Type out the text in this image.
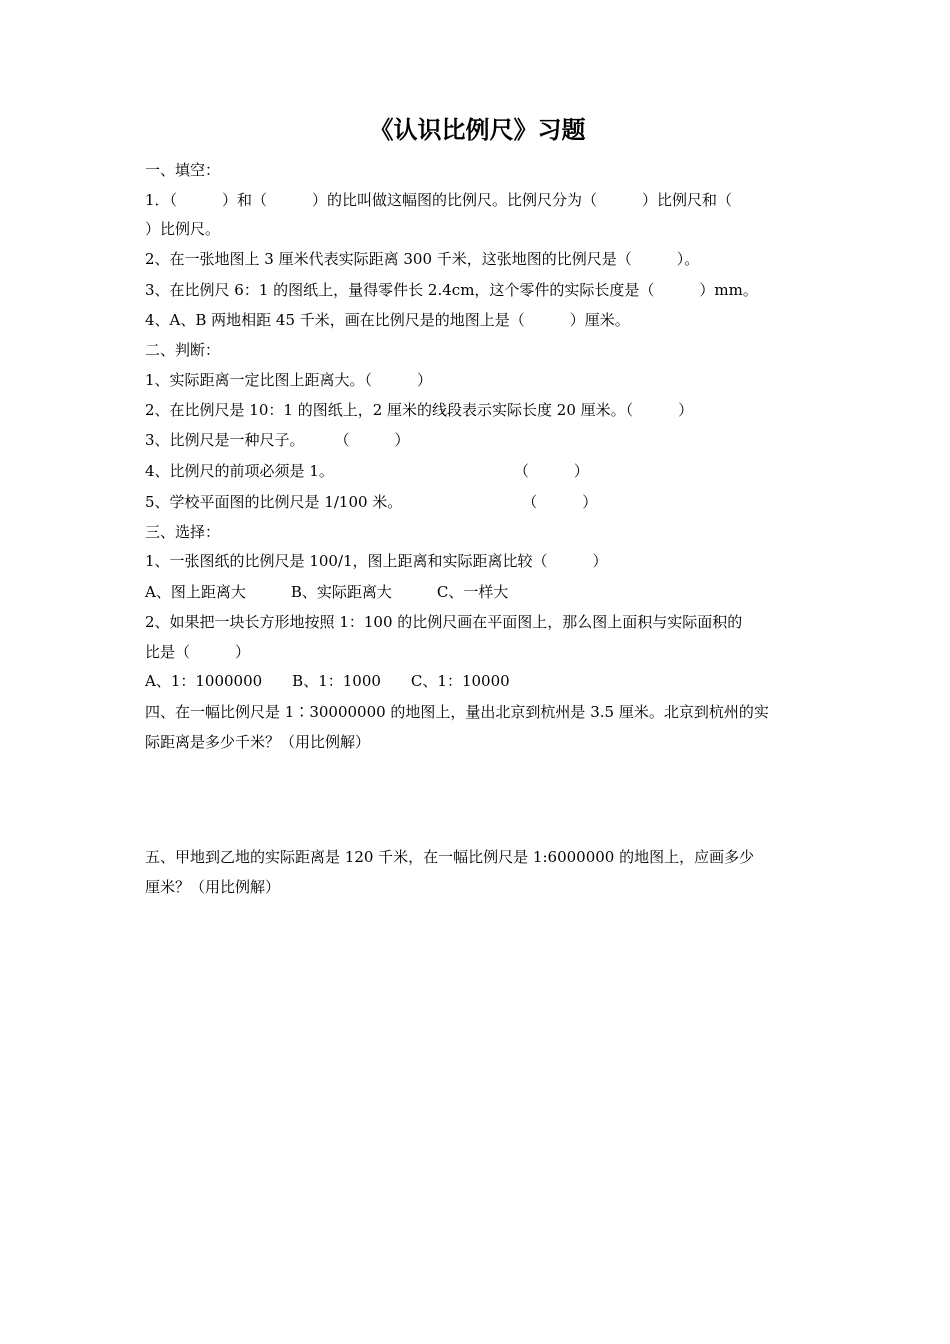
《认识比例尺》习题
一、填空：
1．（　　　）和（　　　）的比叫做这幅图的比例尺。比例尺分为（　　　）比例尺和（
）比例尺。
2、在一张地图上 3 厘米代表实际距离 300 千米，这张地图的比例尺是（　　　）。
3、在比例尺 6：1 的图纸上，量得零件长 2.4cm，这个零件的实际长度是（　　　）mm。
4、A、B 两地相距 45 千米，画在比例尺是的地图上是（　　　）厘米。
二、判断：
1、实际距离一定比图上距离大。（　　　）
2、在比例尺是 10：1 的图纸上，2 厘米的线段表示实际长度 20 厘米。（　　　）
3、比例尺是一种尺子。　　　（　　　）
4、比例尺的前项必须是 1。　　　　　　　　　　　　　（　　　）
5、学校平面图的比例尺是 1/100 米。　　　　　　　　　（　　　）
三、选择：
1、一张图纸的比例尺是 100/1，图上距离和实际距离比较（　　　）
A、图上距离大　　　B、实际距离大　　　C、一样大
2、如果把一块长方形地按照 1：100 的比例尺画在平面图上，那么图上面积与实际面积的
比是（　　　）
A、1：1000000　　B、1：1000　　C、1：10000
四、在一幅比例尺是 1∶30000000 的地图上，量出北京到杭州是 3.5 厘米。北京到杭州的实
际距离是多少千米？（用比例解）
五、甲地到乙地的实际距离是 120 千米，在一幅比例尺是 1:6000000 的地图上，应画多少
厘米？（用比例解）
